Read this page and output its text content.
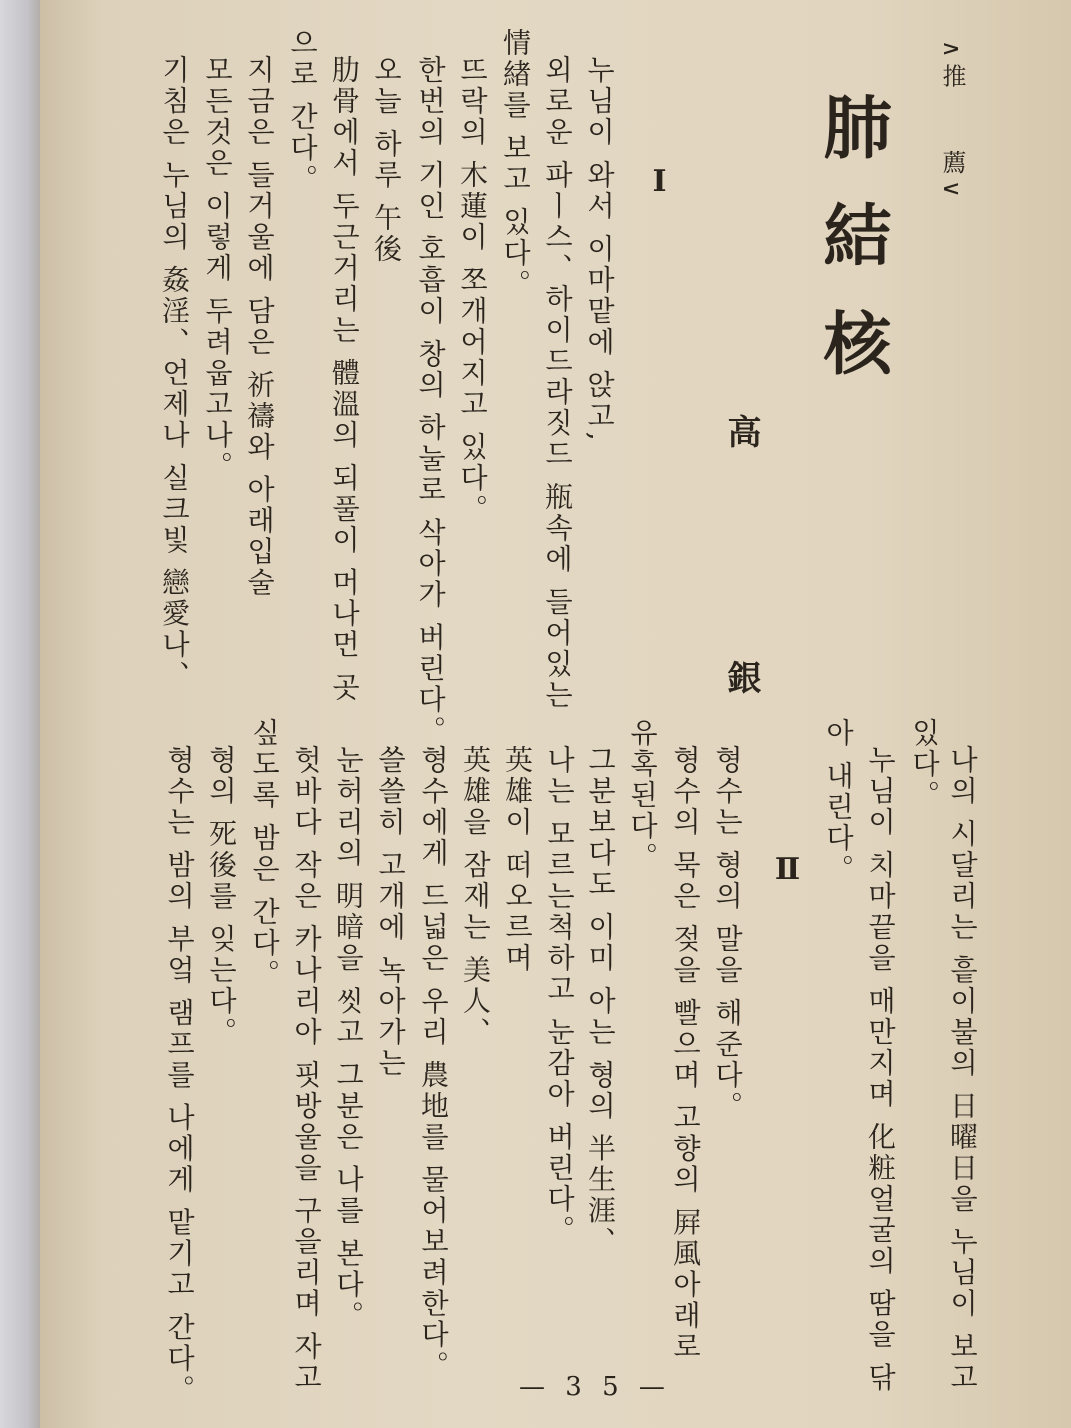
∧推
薦∨
肺結核
高 銀
Ⅰ
누님이 와서 이마맡에 앉고,
외로운 파ㅣ스、하이드라짓드 瓶속에 들어있는
情緖를 보고 있다。
뜨락의 木蓮이 쪼개어지고 있다。
한번의 기인 호흡이 창의 하눌로 삭아가 버린다。
오늘 하루 午後
肋骨에서 두근거리는 體溫의 되풀이 머나먼 곳
으로 간다。
지금은 들거울에 담은 祈禱와 아래입술
모든것은 이렇게 두려웁고나。
기침은 누님의 姦淫、언제나 실크빛 戀愛나、
나의 시달리는 흩이불의 日曜日을 누님이 보고
있다。
누님이 치마끝을 매만지며 化粧얼굴의 땀을 닦
아 내린다。
Ⅱ
형수는 형의 말을 해준다。
형수의 묵은 젖을 빨으며 고향의 屛風아래로
유혹된다。
그분보다도 이미 아는 형의 半生涯、
나는 모르는척하고 눈감아 버린다。
英雄이 떠오르며
英雄을 잠재는 美人、
형수에게 드넓은 우리 農地를 물어보려한다。
쓸쓸히 고개에 녹아가는
눈허리의 明暗을 씻고 그분은 나를 본다。
헛바다 작은 카나리아 핏방울을 구을리며 자고
싶도록 밤은 간다。
형의 死後를 잊는다。
형수는 밤의 부엌 램프를 나에게 맡기고 간다。	— 3 5 —
